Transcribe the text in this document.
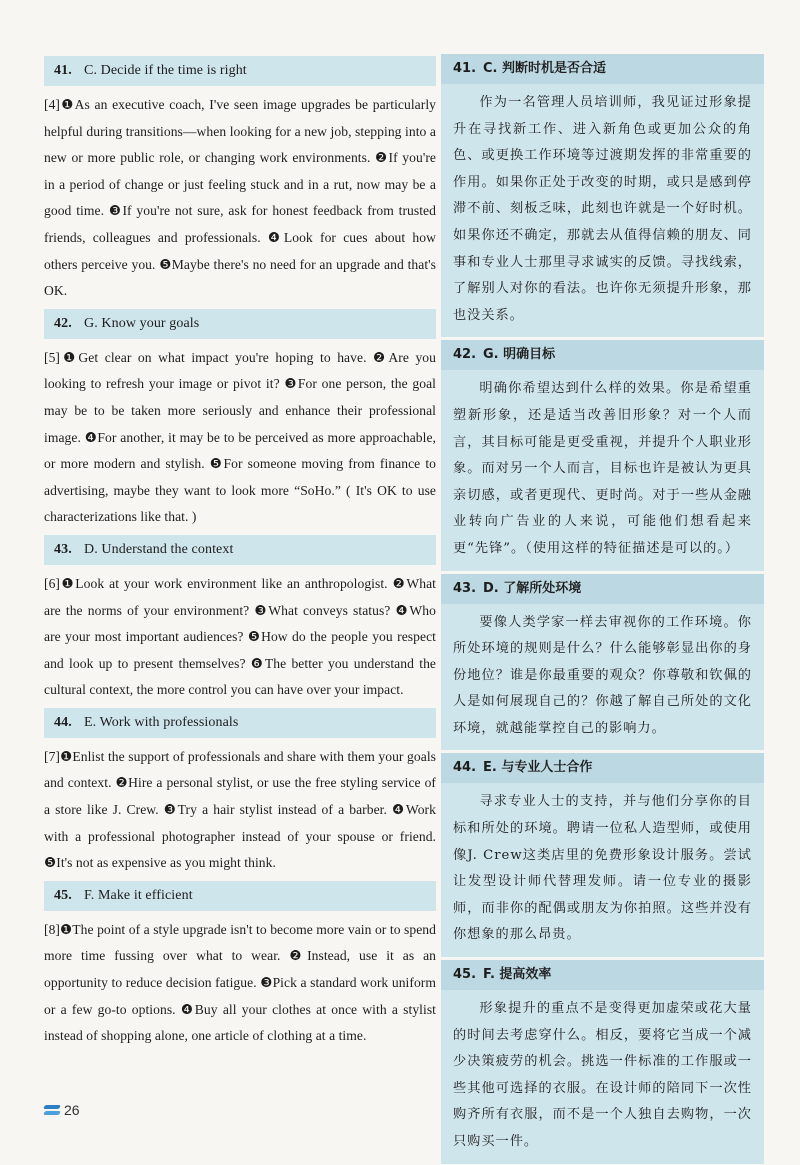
41. C. Decide if the time is right

[4]❶As an executive coach, I've seen image upgrades be particularly helpful during transitions—when looking for a new job, stepping into a new or more public role, or changing work environments. ❷If you're in a period of change or just feeling stuck and in a rut, now may be a good time. ❸If you're not sure, ask for honest feedback from trusted friends, colleagues and professionals. ❹Look for cues about how others perceive you. ❺Maybe there's no need for an upgrade and that's OK.

42. G. Know your goals

[5]❶Get clear on what impact you're hoping to have. ❷Are you looking to refresh your image or pivot it? ❸For one person, the goal may be to be taken more seriously and enhance their professional image. ❹For another, it may be to be perceived as more approachable, or more modern and stylish. ❺For someone moving from finance to advertising, maybe they want to look more “SoHo.” ( It's OK to use characterizations like that. )

43. D. Understand the context

[6]❶Look at your work environment like an anthropologist. ❷What are the norms of your environment? ❸What conveys status? ❹Who are your most important audiences? ❺How do the people you respect and look up to present themselves? ❻The better you understand the cultural context, the more control you can have over your impact.

44. E. Work with professionals

[7]❶Enlist the support of professionals and share with them your goals and context. ❷Hire a personal stylist, or use the free styling service of a store like J. Crew. ❸Try a hair stylist instead of a barber. ❹Work with a professional photographer instead of your spouse or friend. ❺It's not as expensive as you might think.

45. F. Make it efficient

[8]❶The point of a style upgrade isn't to become more vain or to spend more time fussing over what to wear. ❷Instead, use it as an opportunity to reduce decision fatigue. ❸Pick a standard work uniform or a few go-to options. ❹Buy all your clothes at once with a stylist instead of shopping alone, one article of clothing at a time.

41. C. 判断时机是否合适

作为一名管理人员培训师，我见证过形象提升在寻找新工作、进入新角色或更加公众的角色、或更换工作环境等过渡期发挥的非常重要的作用。如果你正处于改变的时期，或只是感到停滞不前、刻板乏味，此刻也许就是一个好时机。如果你还不确定，那就去从值得信赖的朋友、同事和专业人士那里寻求诚实的反馈。寻找线索，了解别人对你的看法。也许你无须提升形象，那也没关系。

42. G. 明确目标

明确你希望达到什么样的效果。你是希望重塑新形象，还是适当改善旧形象？对一个人而言，其目标可能是更受重视，并提升个人职业形象。而对另一个人而言，目标也许是被认为更具亲切感，或者更现代、更时尚。对于一些从金融业转向广告业的人来说，可能他们想看起来更“先锋”。（使用这样的特征描述是可以的。）

43. D. 了解所处环境

要像人类学家一样去审视你的工作环境。你所处环境的规则是什么？什么能够彰显出你的身份地位？谁是你最重要的观众？你尊敬和钦佩的人是如何展现自己的？你越了解自己所处的文化环境，就越能掌控自己的影响力。

44. E. 与专业人士合作

寻求专业人士的支持，并与他们分享你的目标和所处的环境。聘请一位私人造型师，或使用像J. Crew这类店里的免费形象设计服务。尝试让发型设计师代替理发师。请一位专业的摄影师，而非你的配偶或朋友为你拍照。这些并没有你想象的那么昂贵。

45. F. 提高效率

形象提升的重点不是变得更加虚荣或花大量的时间去考虑穿什么。相反，要将它当成一个减少决策疲劳的机会。挑选一件标准的工作服或一些其他可选择的衣服。在设计师的陪同下一次性购齐所有衣服，而不是一个人独自去购物，一次只购买一件。

26
